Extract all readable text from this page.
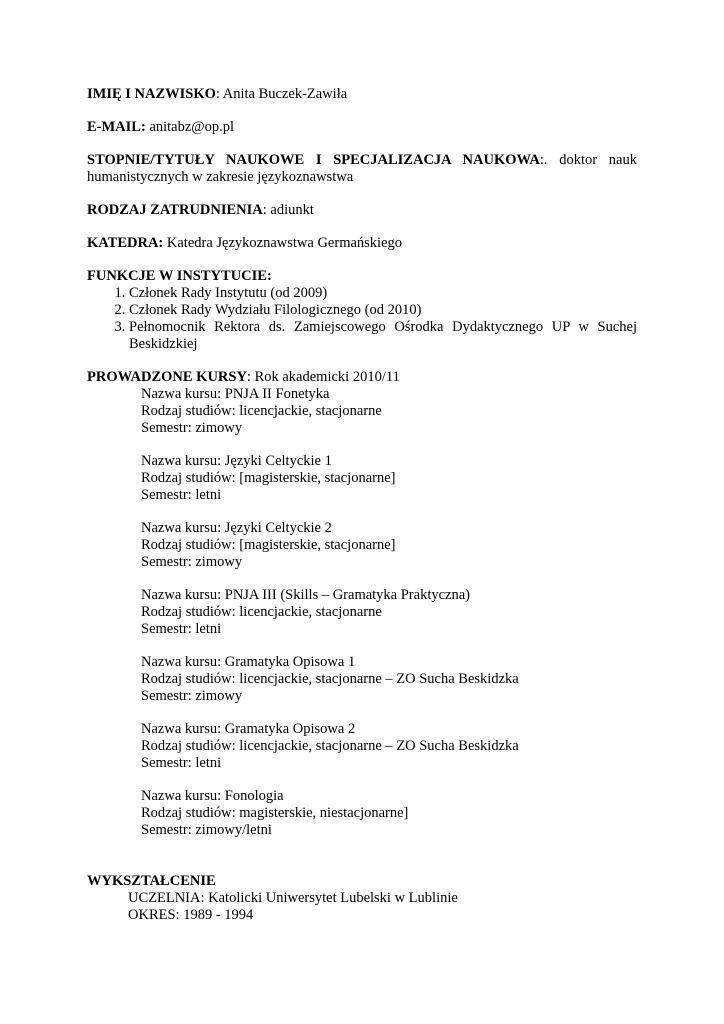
IMIĘ I NAZWISKO: Anita Buczek-Zawiła

E-MAIL: anitabz@op.pl

STOPNIE/TYTUŁY NAUKOWE I SPECJALIZACJA NAUKOWA:. doktor nauk humanistycznych w zakresie językoznawstwa

RODZAJ ZATRUDNIENIA: adiunkt

KATEDRA: Katedra Językoznawstwa Germańskiego

FUNKCJE W INSTYTUCIE:
1. Członek Rady Instytutu (od 2009)
2. Członek Rady Wydziału Filologicznego (od 2010)
3. Pełnomocnik Rektora ds. Zamiejscowego Ośrodka Dydaktycznego UP w Suchej Beskidzkiej

PROWADZONE KURSY: Rok akademicki 2010/11

Nazwa kursu: PNJA II Fonetyka
Rodzaj studiów: licencjackie, stacjonarne
Semestr: zimowy
Nazwa kursu: Języki Celtyckie 1
Rodzaj studiów: [magisterskie, stacjonarne]
Semestr: letni
Nazwa kursu: Języki Celtyckie 2
Rodzaj studiów: [magisterskie, stacjonarne]
Semestr: zimowy
Nazwa kursu: PNJA III (Skills – Gramatyka Praktyczna)
Rodzaj studiów: licencjackie, stacjonarne
Semestr: letni
Nazwa kursu: Gramatyka Opisowa 1
Rodzaj studiów: licencjackie, stacjonarne – ZO Sucha Beskidzka
Semestr: zimowy
Nazwa kursu: Gramatyka Opisowa 2
Rodzaj studiów: licencjackie, stacjonarne – ZO Sucha Beskidzka
Semestr: letni
Nazwa kursu: Fonologia
Rodzaj studiów: magisterskie, niestacjonarne]
Semestr: zimowy/letni
WYKSZTAŁCENIE
UCZELNIA: Katolicki Uniwersytet Lubelski w Lublinie
OKRES: 1989 - 1994
